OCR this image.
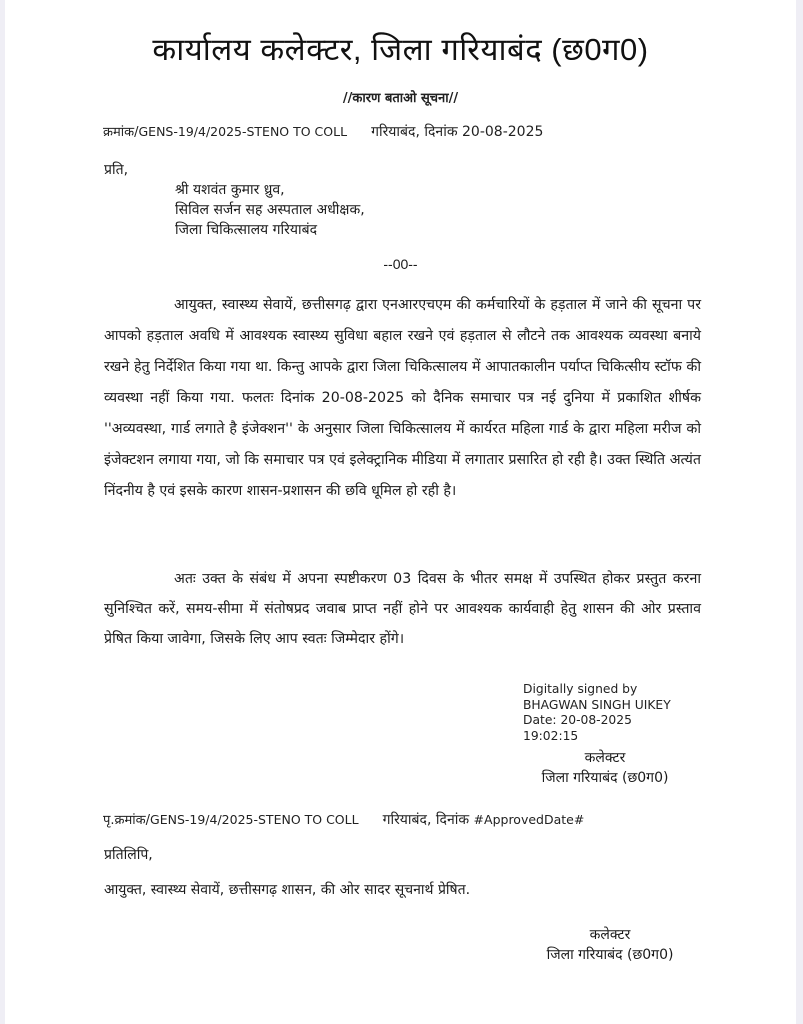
कार्यालय कलेक्टर, जिला गरियाबंद (छ0ग0)
//कारण बताओ सूचना//
क्रमांक/GENS-19/4/2025-STENO TO COLL गरियाबंद, दिनांक 20-08-2025
प्रति,
श्री यशवंत कुमार ध्रुव,
सिविल सर्जन सह अस्पताल अधीक्षक,
जिला चिकित्सालय गरियाबंद
--00--
आयुक्त, स्वास्थ्य सेवायें, छत्तीसगढ़ द्वारा एनआरएचएम की कर्मचारियों के हड़ताल में जाने की सूचना पर आपको हड़ताल अवधि में आवश्यक स्वास्थ्य सुविधा बहाल रखने एवं हड़ताल से लौटने तक आवश्यक व्यवस्था बनाये रखने हेतु निर्देशित किया गया था. किन्तु आपके द्वारा जिला चिकित्सालय में आपातकालीन पर्याप्त चिकित्सीय स्टॉफ की व्यवस्था नहीं किया गया. फलतः दिनांक 20-08-2025 को दैनिक समाचार पत्र नई दुनिया में प्रकाशित शीर्षक ''अव्यवस्था, गार्ड लगाते है इंजेक्शन'' के अनुसार जिला चिकित्सालय में कार्यरत महिला गार्ड के द्वारा महिला मरीज को इंजेक्टशन लगाया गया, जो कि समाचार पत्र एवं इलेक्ट्रानिक मीडिया में लगातार प्रसारित हो रही है। उक्त स्थिति अत्यंत निंदनीय है एवं इसके कारण शासन-प्रशासन की छवि धूमिल हो रही है।
अतः उक्त के संबंध में अपना स्पष्टीकरण 03 दिवस के भीतर समक्ष में उपस्थित होकर प्रस्तुत करना सुनिश्चित करें, समय-सीमा में संतोषप्रद जवाब प्राप्त नहीं होने पर आवश्यक कार्यवाही हेतु शासन की ओर प्रस्ताव प्रेषित किया जावेगा, जिसके लिए आप स्वतः जिम्मेदार होंगे।
Digitally signed by
BHAGWAN SINGH UIKEY
Date: 20-08-2025
19:02:15
कलेक्टर
जिला गरियाबंद (छ0ग0)
पृ.क्रमांक/GENS-19/4/2025-STENO TO COLL गरियाबंद, दिनांक #ApprovedDate#
प्रतिलिपि,
आयुक्त, स्वास्थ्य सेवायें, छत्तीसगढ़ शासन, की ओर सादर सूचनार्थ प्रेषित.
कलेक्टर
जिला गरियाबंद (छ0ग0)
